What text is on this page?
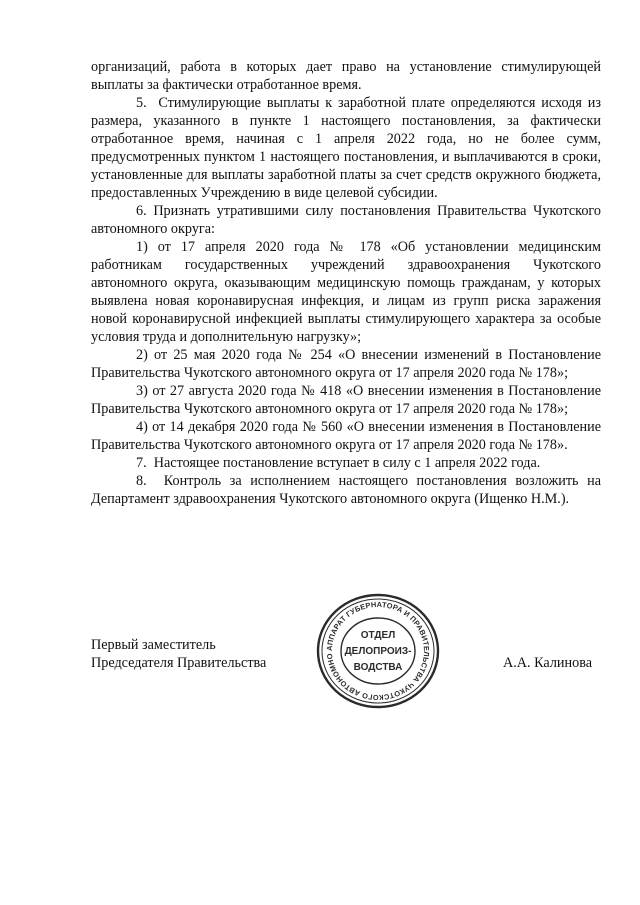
организаций, работа в которых дает право на установление стимулирующей выплаты за фактически отработанное время.

5.  Стимулирующие выплаты к заработной плате определяются исходя из размера, указанного в пункте 1 настоящего постановления, за фактически отработанное время, начиная с 1 апреля 2022 года, но не более сумм, предусмотренных пунктом 1 настоящего постановления, и выплачиваются в сроки, установленные для выплаты заработной платы за счет средств окружного бюджета, предоставленных Учреждению в виде целевой субсидии.

6. Признать утратившими силу постановления Правительства Чукотского автономного округа:

1) от 17 апреля 2020 года № 178 «Об установлении медицинским работникам государственных учреждений здравоохранения Чукотского автономного округа, оказывающим медицинскую помощь гражданам, у которых выявлена новая коронавирусная инфекция, и лицам из групп риска заражения новой коронавирусной инфекцией выплаты стимулирующего характера за особые условия труда и дополнительную нагрузку»;

2) от 25 мая 2020 года № 254 «О внесении изменений в Постановление Правительства Чукотского автономного округа от 17 апреля 2020 года № 178»;

3) от 27 августа 2020 года № 418 «О внесении изменения в Постановление Правительства Чукотского автономного округа от 17 апреля 2020 года № 178»;

4) от 14 декабря 2020 года № 560 «О внесении изменения в Постановление Правительства Чукотского автономного округа от 17 апреля 2020 года № 178».

7.  Настоящее постановление вступает в силу с 1 апреля 2022 года.

8.  Контроль за исполнением настоящего постановления возложить на Департамент здравоохранения Чукотского автономного округа (Ищенко Н.М.).

Первый заместитель
Председателя Правительства	А.А. Калинова
АППАРАТ ГУБЕРНАТОРА И ПРАВИТЕЛЬСТВА ЧУКОТСКОГО АВТОНОМНО
ОТДЕЛ
ДЕЛОПРОИЗ-
ВОДСТВА
